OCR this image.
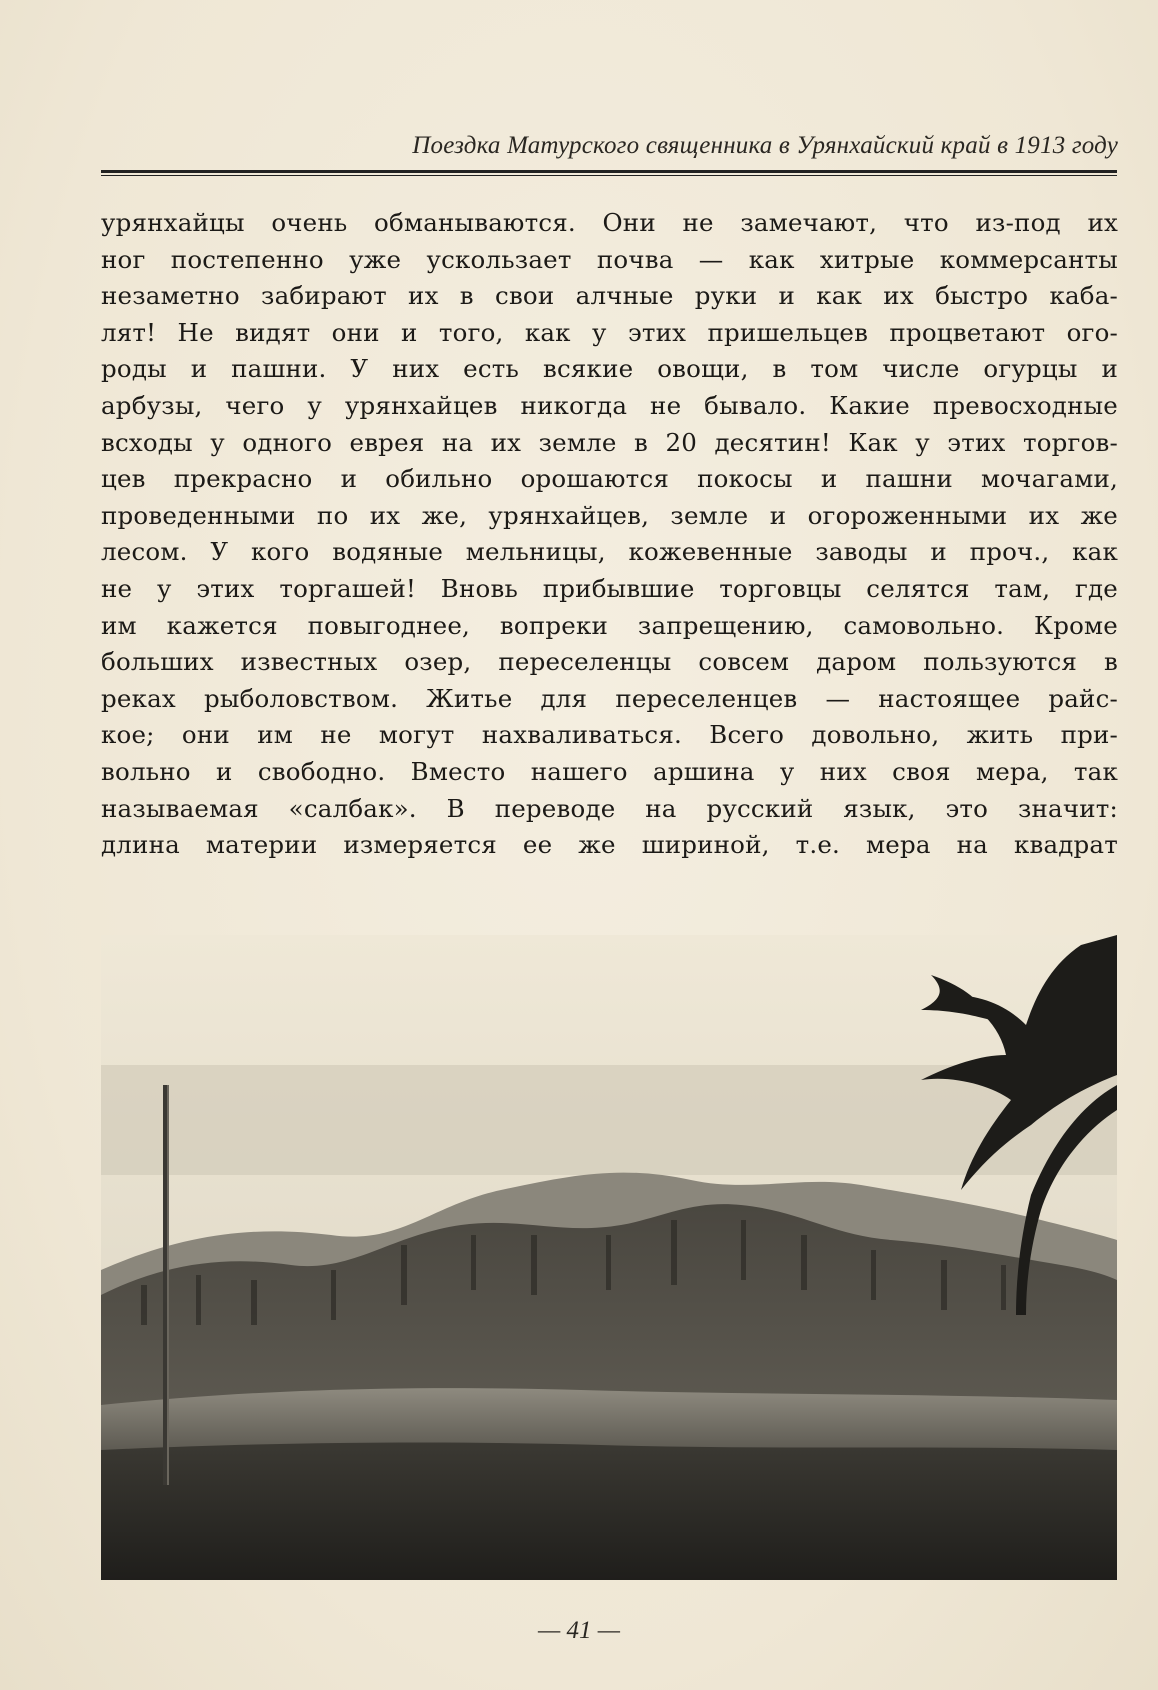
Поездка Матурского священника в Урянхайский край в 1913 году
урянхайцы очень обманываются. Они не замечают, что из-под их
ног постепенно уже ускользает почва — как хитрые коммерсанты
незаметно забирают их в свои алчные руки и как их быстро каба-
лят! Не видят они и того, как у этих пришельцев процветают ого-
роды и пашни. У них есть всякие овощи, в том числе огурцы и
арбузы, чего у урянхайцев никогда не бывало. Какие превосходные
всходы у одного еврея на их земле в 20 десятин! Как у этих торгов-
цев прекрасно и обильно орошаются покосы и пашни мочагами,
проведенными по их же, урянхайцев, земле и огороженными их же
лесом. У кого водяные мельницы, кожевенные заводы и проч., как
не у этих торгашей! Вновь прибывшие торговцы селятся там, где
им кажется повыгоднее, вопреки запрещению, самовольно. Кроме
больших известных озер, переселенцы совсем даром пользуются в
реках рыболовством. Житье для переселенцев — настоящее райс-
кое; они им не могут нахваливаться. Всего довольно, жить при-
вольно и свободно. Вместо нашего аршина у них своя мера, так
называемая «салбак». В переводе на русский язык, это значит:
длина материи измеряется ее же шириной, т.е. мера на квадрат
— 41 —
